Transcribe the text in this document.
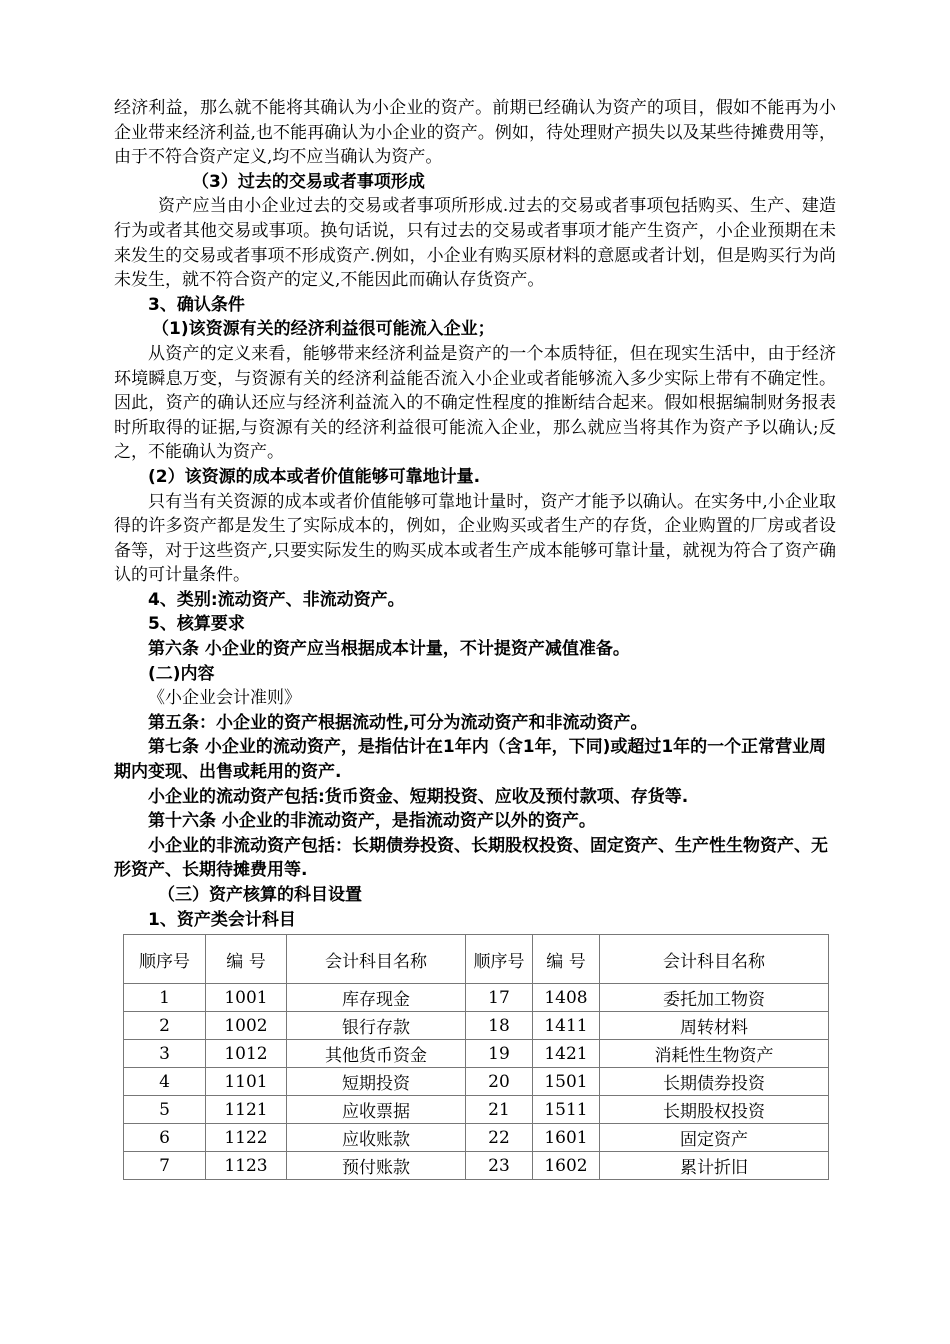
经济利益，那么就不能将其确认为小企业的资产。前期已经确认为资产的项目，假如不能再为小企业带来经济利益,也不能再确认为小企业的资产。例如，待处理财产损失以及某些待摊费用等，由于不符合资产定义,均不应当确认为资产。

（3）过去的交易或者事项形成

资产应当由小企业过去的交易或者事项所形成.过去的交易或者事项包括购买、生产、建造行为或者其他交易或事项。换句话说，只有过去的交易或者事项才能产生资产，小企业预期在未来发生的交易或者事项不形成资产.例如，小企业有购买原材料的意愿或者计划，但是购买行为尚未发生，就不符合资产的定义,不能因此而确认存货资产。

3、确认条件

（1)该资源有关的经济利益很可能流入企业；

从资产的定义来看，能够带来经济利益是资产的一个本质特征，但在现实生活中，由于经济环境瞬息万变，与资源有关的经济利益能否流入小企业或者能够流入多少实际上带有不确定性。因此，资产的确认还应与经济利益流入的不确定性程度的推断结合起来。假如根据编制财务报表时所取得的证据,与资源有关的经济利益很可能流入企业，那么就应当将其作为资产予以确认;反之，不能确认为资产。

(2）该资源的成本或者价值能够可靠地计量.

只有当有关资源的成本或者价值能够可靠地计量时，资产才能予以确认。在实务中,小企业取得的许多资产都是发生了实际成本的，例如，企业购买或者生产的存货，企业购置的厂房或者设备等，对于这些资产,只要实际发生的购买成本或者生产成本能够可靠计量，就视为符合了资产确认的可计量条件。

4、类别:流动资产、非流动资产。

5、核算要求

第六条 小企业的资产应当根据成本计量，不计提资产减值准备。

(二)内容

《小企业会计准则》

第五条：小企业的资产根据流动性,可分为流动资产和非流动资产。

第七条 小企业的流动资产，是指估计在1年内（含1年，下同)或超过1年的一个正常营业周期内变现、出售或耗用的资产.

小企业的流动资产包括:货币资金、短期投资、应收及预付款项、存货等.

第十六条 小企业的非流动资产，是指流动资产以外的资产。

小企业的非流动资产包括：长期债券投资、长期股权投资、固定资产、生产性生物资产、无形资产、长期待摊费用等.

（三）资产核算的科目设置

1、资产类会计科目

顺序号	编 号	会计科目名称	顺序号	编 号	会计科目名称
1	1001	库存现金	17	1408	委托加工物资
2	1002	银行存款	18	1411	周转材料
3	1012	其他货币资金	19	1421	消耗性生物资产
4	1101	短期投资	20	1501	长期债券投资
5	1121	应收票据	21	1511	长期股权投资
6	1122	应收账款	22	1601	固定资产
7	1123	预付账款	23	1602	累计折旧
